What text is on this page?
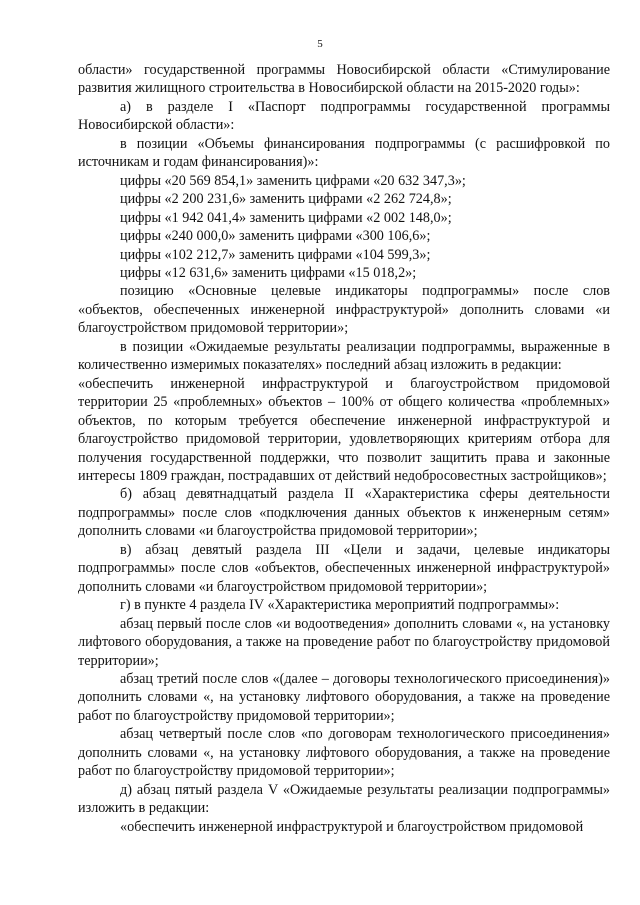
5

области» государственной программы Новосибирской области «Стимулирование развития жилищного строительства в Новосибирской области на 2015-2020 годы»:

а) в разделе I «Паспорт подпрограммы государственной программы Новосибирской области»:

в позиции «Объемы финансирования подпрограммы (с расшифровкой по источникам и годам финансирования)»:

цифры «20 569 854,1» заменить цифрами «20 632 347,3»;

цифры «2 200 231,6» заменить цифрами «2 262 724,8»;

цифры «1 942 041,4» заменить цифрами «2 002 148,0»;

цифры «240 000,0» заменить цифрами «300 106,6»;

цифры «102 212,7» заменить цифрами «104 599,3»;

цифры «12 631,6» заменить цифрами «15 018,2»;

позицию «Основные целевые индикаторы подпрограммы» после слов «объектов, обеспеченных инженерной инфраструктурой» дополнить словами «и благоустройством придомовой территории»;

в позиции «Ожидаемые результаты реализации подпрограммы, выраженные в количественно измеримых показателях» последний абзац изложить в редакции:

«обеспечить инженерной инфраструктурой и благоустройством придомовой территории 25 «проблемных» объектов – 100% от общего количества «проблемных» объектов, по которым требуется обеспечение инженерной инфраструктурой и благоустройство придомовой территории, удовлетворяющих критериям отбора для получения государственной поддержки, что позволит защитить права и законные интересы 1809 граждан, пострадавших от действий недобросовестных застройщиков»;

б) абзац девятнадцатый раздела II «Характеристика сферы деятельности подпрограммы» после слов «подключения данных объектов к инженерным сетям» дополнить словами «и благоустройства придомовой территории»;

в) абзац девятый раздела III «Цели и задачи, целевые индикаторы подпрограммы» после слов «объектов, обеспеченных инженерной инфраструктурой» дополнить словами «и благоустройством придомовой территории»;

г) в пункте 4 раздела IV «Характеристика мероприятий подпрограммы»:

абзац первый после слов «и водоотведения» дополнить словами «, на установку лифтового оборудования, а также на проведение работ по благоустройству придомовой территории»;

абзац третий после слов «(далее – договоры технологического присоединения)» дополнить словами «, на установку лифтового оборудования, а также на проведение работ по благоустройству придомовой территории»;

абзац четвертый после слов «по договорам технологического присоединения» дополнить словами «, на установку лифтового оборудования, а также на проведение работ по благоустройству придомовой территории»;

д) абзац пятый раздела V «Ожидаемые результаты реализации подпрограммы» изложить в редакции:

«обеспечить инженерной инфраструктурой и благоустройством придомовой
